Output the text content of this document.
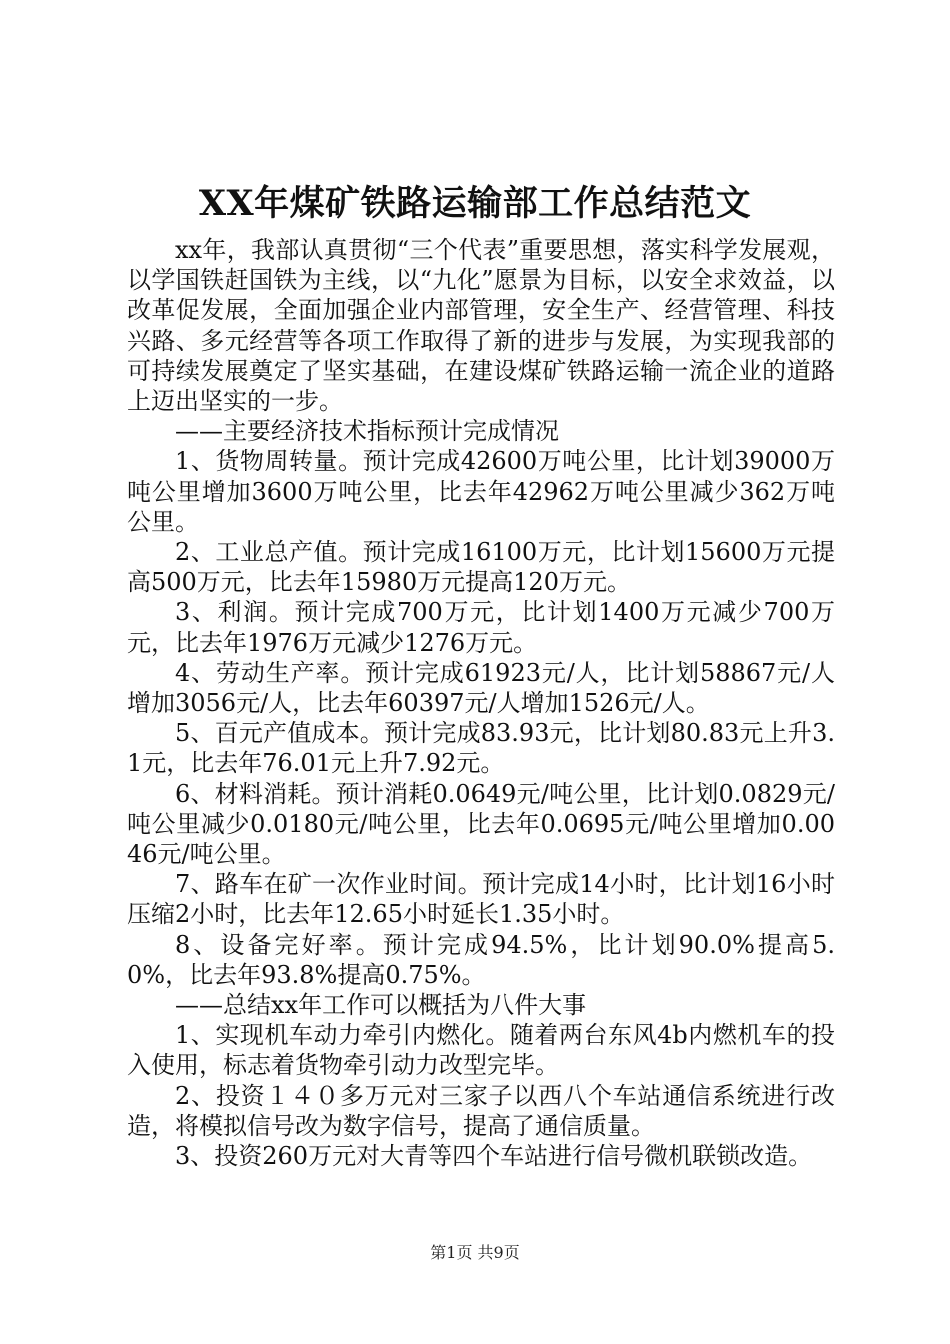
XX年煤矿铁路运输部工作总结范文

xx年，我部认真贯彻“三个代表”重要思想，落实科学发展观，以学国铁赶国铁为主线，以“九化”愿景为目标，以安全求效益，以改革促发展，全面加强企业内部管理，安全生产、经营管理、科技兴路、多元经营等各项工作取得了新的进步与发展，为实现我部的可持续发展奠定了坚实基础，在建设煤矿铁路运输一流企业的道路上迈出坚实的一步。

——主要经济技术指标预计完成情况

1、货物周转量。预计完成42600万吨公里，比计划39000万吨公里增加3600万吨公里，比去年42962万吨公里减少362万吨公里。

2、工业总产值。预计完成16100万元，比计划15600万元提高500万元，比去年15980万元提高120万元。

3、利润。预计完成700万元，比计划1400万元减少700万元，比去年1976万元减少1276万元。

4、劳动生产率。预计完成61923元/人，比计划58867元/人增加3056元/人，比去年60397元/人增加1526元/人。

5、百元产值成本。预计完成83.93元，比计划80.83元上升3.1元，比去年76.01元上升7.92元。

6、材料消耗。预计消耗0.0649元/吨公里，比计划0.0829元/吨公里减少0.0180元/吨公里，比去年0.0695元/吨公里增加0.0046元/吨公里。

7、路车在矿一次作业时间。预计完成14小时，比计划16小时压缩2小时，比去年12.65小时延长1.35小时。

8、设备完好率。预计完成94.5%，比计划90.0%提高5.0%，比去年93.8%提高0.75%。

——总结xx年工作可以概括为八件大事

1、实现机车动力牵引内燃化。随着两台东风4b内燃机车的投入使用，标志着货物牵引动力改型完毕。

2、投资１４０多万元对三家子以西八个车站通信系统进行改造，将模拟信号改为数字信号，提高了通信质量。

3、投资260万元对大青等四个车站进行信号微机联锁改造。

第1页 共9页
